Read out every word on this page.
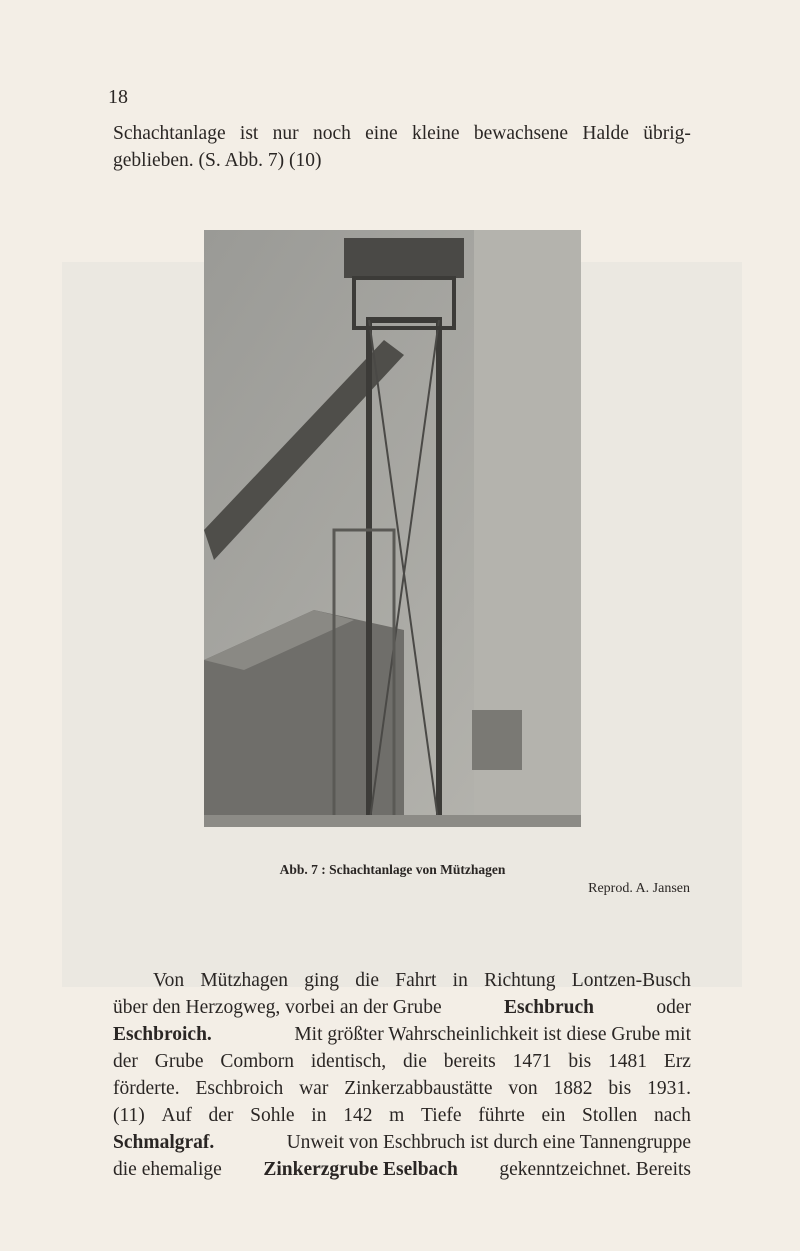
18
Schachtanlage ist nur noch eine kleine bewachsene Halde übrig-
geblieben. (S. Abb. 7) (10)
Abb. 7 : Schachtanlage von Mützhagen
Reprod. A. Jansen
Von Mützhagen ging die Fahrt in Richtung Lontzen-Busch
über den Herzogweg, vorbei an der Grube	Eschbruch	oder
Eschbroich.	Mit größter Wahrscheinlichkeit ist diese Grube mit
der Grube Comborn identisch, die bereits 1471 bis 1481 Erz
förderte. Eschbroich war Zinkerzabbaustätte von 1882 bis 1931.
(11) Auf der Sohle in 142 m Tiefe führte ein Stollen nach
Schmalgraf.	Unweit von Eschbruch ist durch eine Tannengruppe
die ehemalige Zinkerzgrube Eselbach gekenntzeichnet. Bereits
